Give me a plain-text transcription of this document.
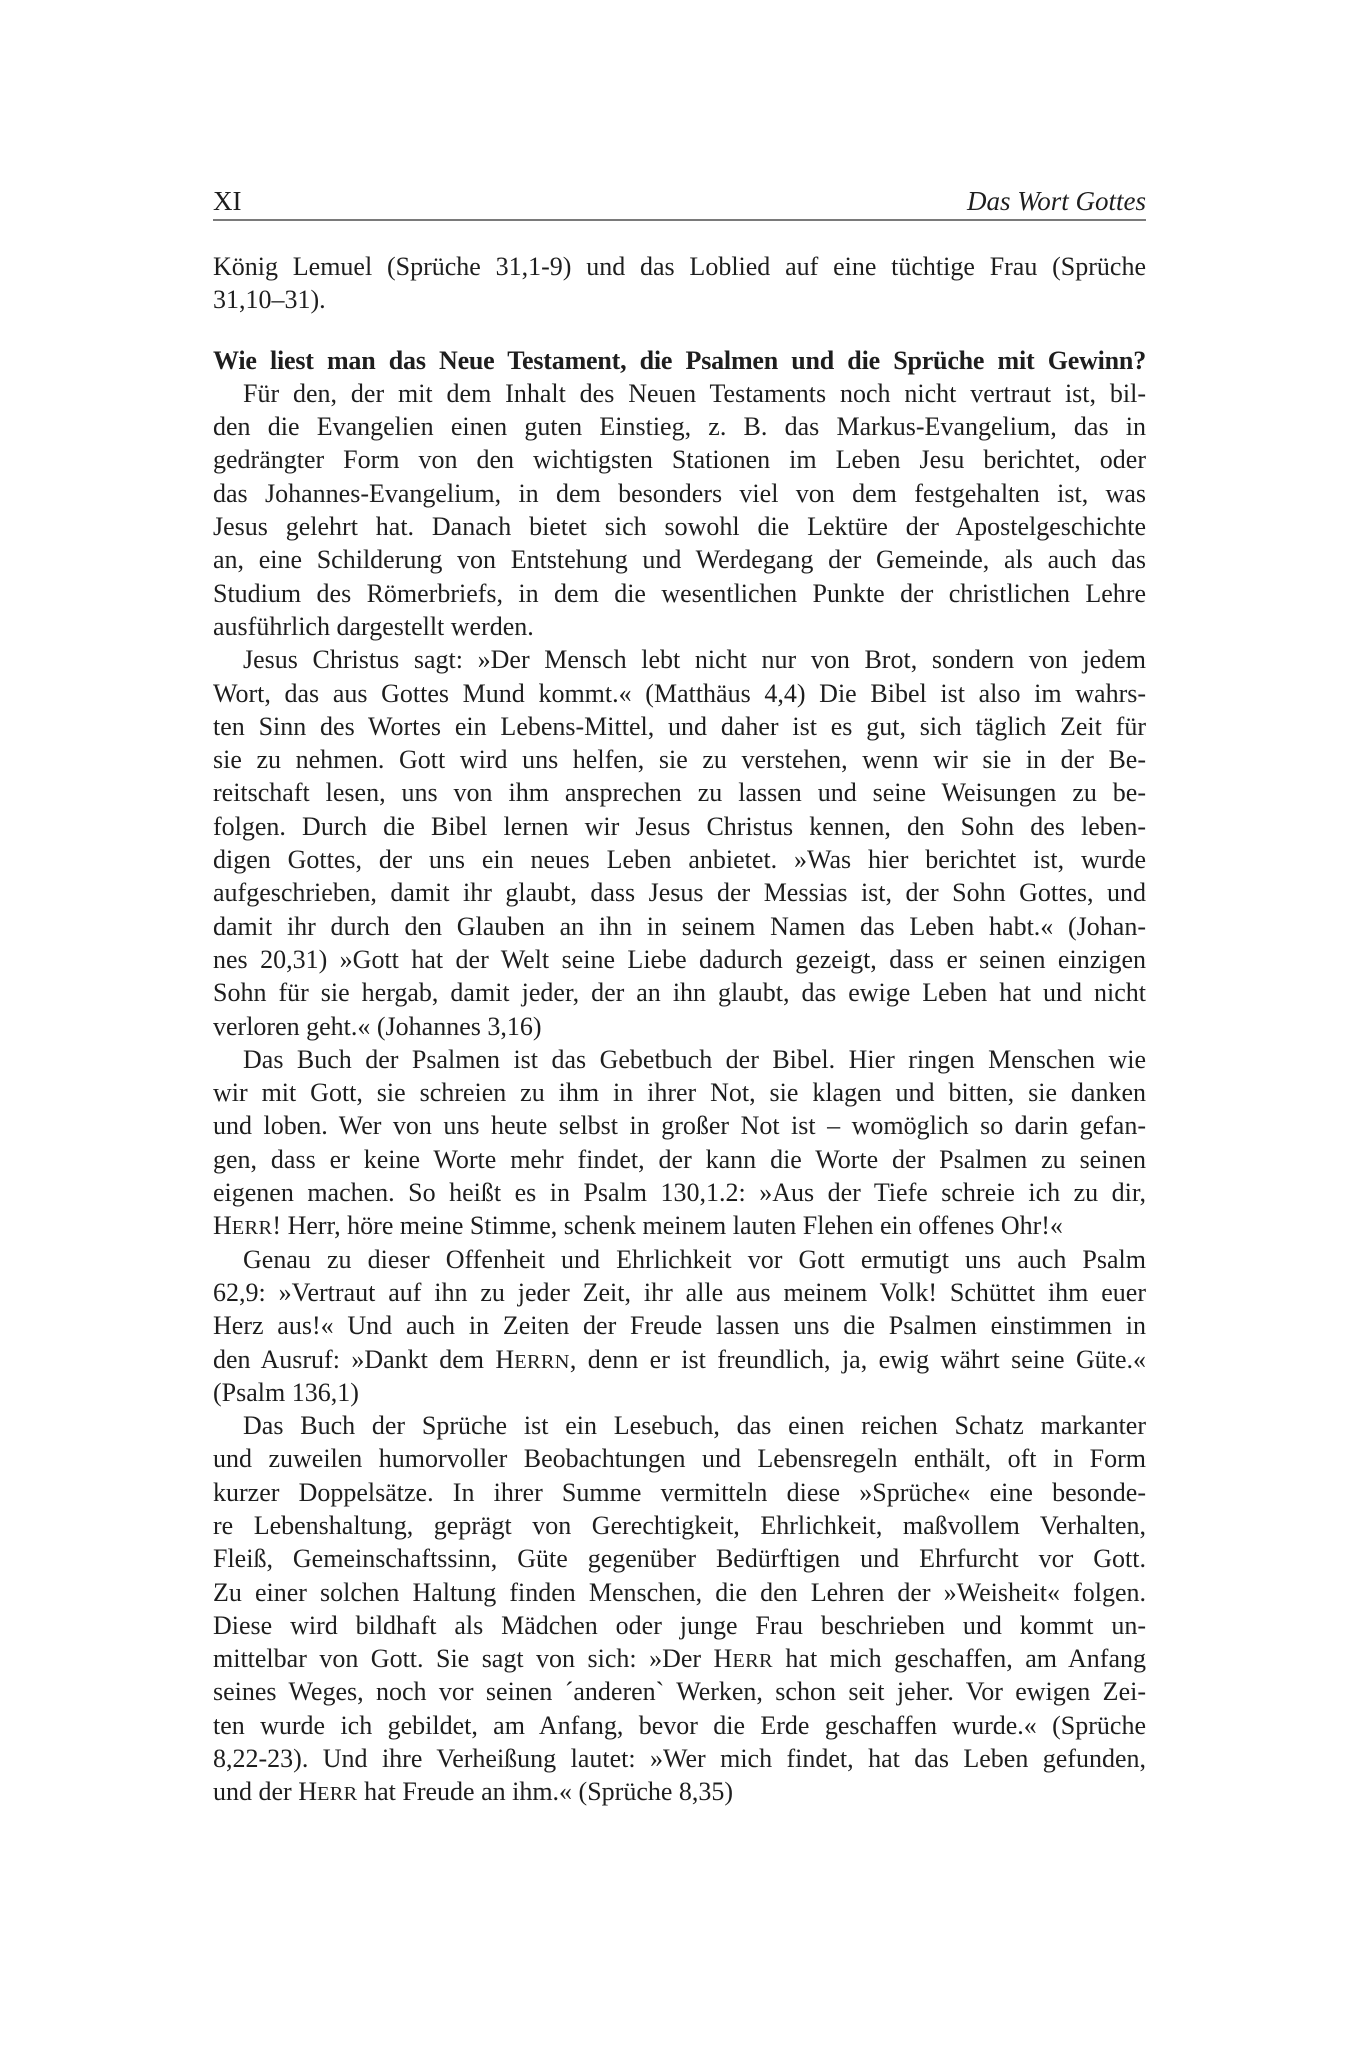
XI	Das Wort Gottes
König Lemuel (Sprüche 31,1-9) und das Loblied auf eine tüchtige Frau (Sprüche
31,10–31).
Wie liest man das Neue Testament, die Psalmen und die Sprüche mit Gewinn?
Für den, der mit dem Inhalt des Neuen Testaments noch nicht vertraut ist, bil-
den die Evangelien einen guten Einstieg, z. B. das Markus-Evangelium, das in
gedrängter Form von den wichtigsten Stationen im Leben Jesu berichtet, oder
das Johannes-Evangelium, in dem besonders viel von dem festgehalten ist, was
Jesus gelehrt hat. Danach bietet sich sowohl die Lektüre der Apostelgeschichte
an, eine Schilderung von Entstehung und Werdegang der Gemeinde, als auch das
Studium des Römerbriefs, in dem die wesentlichen Punkte der christlichen Lehre
ausführlich dargestellt werden.
Jesus Christus sagt: »Der Mensch lebt nicht nur von Brot, sondern von jedem
Wort, das aus Gottes Mund kommt.« (Matthäus 4,4) Die Bibel ist also im wahrs-
ten Sinn des Wortes ein Lebens-Mittel, und daher ist es gut, sich täglich Zeit für
sie zu nehmen. Gott wird uns helfen, sie zu verstehen, wenn wir sie in der Be-
reitschaft lesen, uns von ihm ansprechen zu lassen und seine Weisungen zu be-
folgen. Durch die Bibel lernen wir Jesus Christus kennen, den Sohn des leben-
digen Gottes, der uns ein neues Leben anbietet. »Was hier berichtet ist, wurde
aufgeschrieben, damit ihr glaubt, dass Jesus der Messias ist, der Sohn Gottes, und
damit ihr durch den Glauben an ihn in seinem Namen das Leben habt.« (Johan-
nes 20,31) »Gott hat der Welt seine Liebe dadurch gezeigt, dass er seinen einzigen
Sohn für sie hergab, damit jeder, der an ihn glaubt, das ewige Leben hat und nicht
verloren geht.« (Johannes 3,16)
Das Buch der Psalmen ist das Gebetbuch der Bibel. Hier ringen Menschen wie
wir mit Gott, sie schreien zu ihm in ihrer Not, sie klagen und bitten, sie danken
und loben. Wer von uns heute selbst in großer Not ist – womöglich so darin gefan-
gen, dass er keine Worte mehr findet, der kann die Worte der Psalmen zu seinen
eigenen machen. So heißt es in Psalm 130,1.2: »Aus der Tiefe schreie ich zu dir,
HERR! Herr, höre meine Stimme, schenk meinem lauten Flehen ein offenes Ohr!«
Genau zu dieser Offenheit und Ehrlichkeit vor Gott ermutigt uns auch Psalm
62,9: »Vertraut auf ihn zu jeder Zeit, ihr alle aus meinem Volk! Schüttet ihm euer
Herz aus!« Und auch in Zeiten der Freude lassen uns die Psalmen einstimmen in
den Ausruf: »Dankt dem HERRN, denn er ist freundlich, ja, ewig währt seine Güte.«
(Psalm 136,1)
Das Buch der Sprüche ist ein Lesebuch, das einen reichen Schatz markanter
und zuweilen humorvoller Beobachtungen und Lebensregeln enthält, oft in Form
kurzer Doppelsätze. In ihrer Summe vermitteln diese »Sprüche« eine besonde-
re Lebenshaltung, geprägt von Gerechtigkeit, Ehrlichkeit, maßvollem Verhalten,
Fleiß, Gemeinschaftssinn, Güte gegenüber Bedürftigen und Ehrfurcht vor Gott.
Zu einer solchen Haltung finden Menschen, die den Lehren der »Weisheit« folgen.
Diese wird bildhaft als Mädchen oder junge Frau beschrieben und kommt un-
mittelbar von Gott. Sie sagt von sich: »Der HERR hat mich geschaffen, am Anfang
seines Weges, noch vor seinen ´anderen` Werken, schon seit jeher. Vor ewigen Zei-
ten wurde ich gebildet, am Anfang, bevor die Erde geschaffen wurde.« (Sprüche
8,22-23). Und ihre Verheißung lautet: »Wer mich findet, hat das Leben gefunden,
und der HERR hat Freude an ihm.« (Sprüche 8,35)
